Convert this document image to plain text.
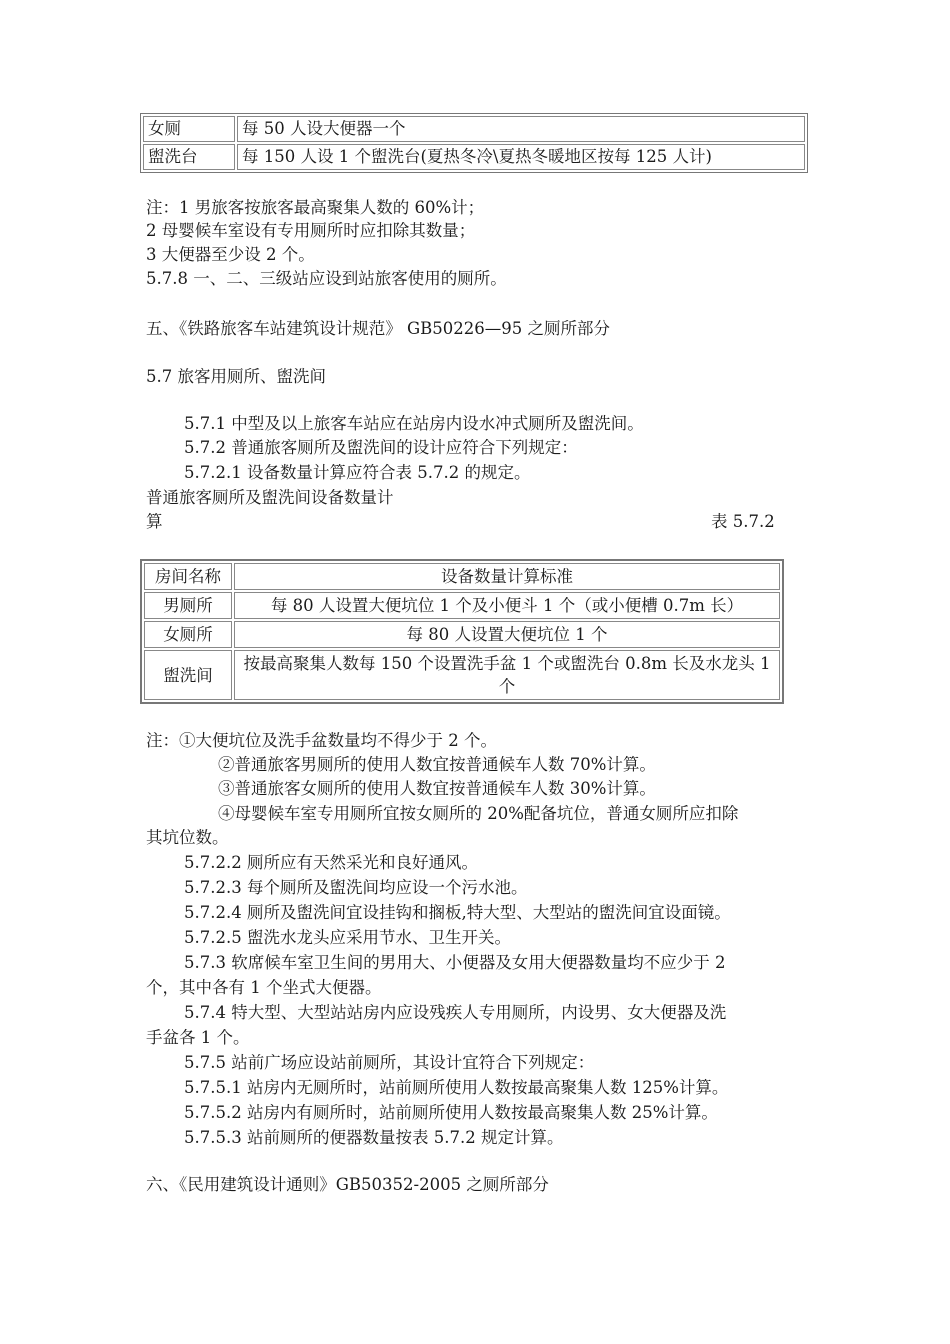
女厕	每 50 人设大便器一个
盥洗台	每 150 人设 1 个盥洗台(夏热冬冷\夏热冬暖地区按每 125 人计)
注：1 男旅客按旅客最高聚集人数的 60%计；
2 母婴候车室设有专用厕所时应扣除其数量；
3 大便器至少设 2 个。
5.7.8 一、二、三级站应设到站旅客使用的厕所。
五、《铁路旅客车站建筑设计规范》 GB50226—95 之厕所部分
5.7 旅客用厕所、盥洗间
5.7.1 中型及以上旅客车站应在站房内设水冲式厕所及盥洗间。
5.7.2 普通旅客厕所及盥洗间的设计应符合下列规定：
5.7.2.1 设备数量计算应符合表 5.7.2 的规定。
普通旅客厕所及盥洗间设备数量计
算	表 5.7.2
房间名称	设备数量计算标准
男厕所	每 80 人设置大便坑位 1 个及小便斗 1 个（或小便槽 0.7m 长）
女厕所	每 80 人设置大便坑位 1 个
盥洗间	按最高聚集人数每 150 个设置洗手盆 1 个或盥洗台 0.8m 长及水龙头 1 个
注：①大便坑位及洗手盆数量均不得少于 2 个。
②普通旅客男厕所的使用人数宜按普通候车人数 70%计算。
③普通旅客女厕所的使用人数宜按普通候车人数 30%计算。
④母婴候车室专用厕所宜按女厕所的 20%配备坑位，普通女厕所应扣除
其坑位数。
5.7.2.2 厕所应有天然采光和良好通风。
5.7.2.3 每个厕所及盥洗间均应设一个污水池。
5.7.2.4 厕所及盥洗间宜设挂钩和搁板,特大型、大型站的盥洗间宜设面镜。
5.7.2.5 盥洗水龙头应采用节水、卫生开关。
5.7.3 软席候车室卫生间的男用大、小便器及女用大便器数量均不应少于 2
个，其中各有 1 个坐式大便器。
5.7.4 特大型、大型站站房内应设残疾人专用厕所，内设男、女大便器及洗
手盆各 1 个。
5.7.5 站前广场应设站前厕所，其设计宜符合下列规定：
5.7.5.1 站房内无厕所时，站前厕所使用人数按最高聚集人数 125%计算。
5.7.5.2 站房内有厕所时，站前厕所使用人数按最高聚集人数 25%计算。
5.7.5.3 站前厕所的便器数量按表 5.7.2 规定计算。
六、《民用建筑设计通则》GB50352-2005 之厕所部分
